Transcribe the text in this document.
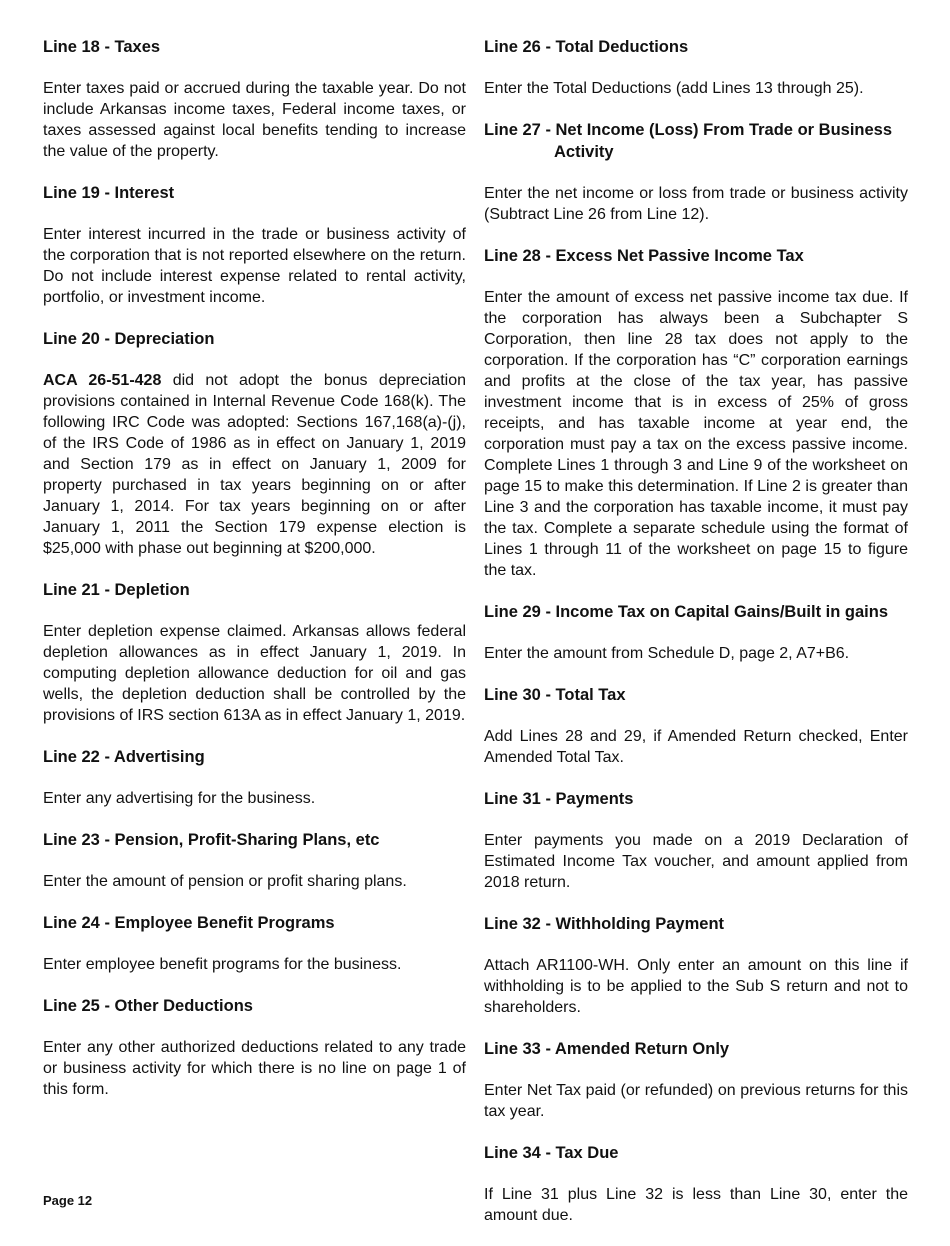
Line 18 - Taxes

Enter taxes paid or accrued during the taxable year. Do not include Arkansas income taxes, Federal income taxes, or taxes assessed against local benefits tending to increase the value of the property.

Line 19 - Interest

Enter interest incurred in the trade or business activity of the corporation that is not reported elsewhere on the return. Do not include interest expense related to rental activity, portfolio, or investment income.

Line 20 - Depreciation

ACA 26-51-428 did not adopt the bonus depreciation provisions contained in Internal Revenue Code 168(k). The following IRC Code was adopted: Sections 167,168(a)-(j), of the IRS Code of 1986 as in effect on January 1, 2019 and Section 179 as in effect on January 1, 2009 for property purchased in tax years beginning on or after January 1, 2014. For tax years beginning on or after January 1, 2011 the Section 179 expense election is $25,000 with phase out beginning at $200,000.

Line 21 - Depletion

Enter depletion expense claimed. Arkansas allows federal depletion allowances as in effect January 1, 2019. In computing depletion allowance deduction for oil and gas wells, the depletion deduction shall be controlled by the provisions of IRS section 613A as in effect January 1, 2019.

Line 22 - Advertising

Enter any advertising for the business.

Line 23 - Pension, Profit-Sharing Plans, etc

Enter the amount of pension or profit sharing plans.

Line 24 - Employee Benefit Programs

Enter employee benefit programs for the business.

Line 25 - Other Deductions

Enter any other authorized deductions related to any trade or business activity for which there is no line on page 1 of this form.

Line 26 - Total Deductions

Enter the Total Deductions (add Lines 13 through 25).

Line 27 - Net Income (Loss) From Trade or Business Activity

Enter the net income or loss from trade or business activity (Subtract Line 26 from Line 12).

Line 28 - Excess Net Passive Income Tax

Enter the amount of excess net passive income tax due. If the corporation has always been a Subchapter S Corporation, then line 28 tax does not apply to the corporation. If the corporation has “C” corporation earnings and profits at the close of the tax year, has passive investment income that is in excess of 25% of gross receipts, and has taxable income at year end, the corporation must pay a tax on the excess passive income. Complete Lines 1 through 3 and Line 9 of the worksheet on page 15 to make this determination. If Line 2 is greater than Line 3 and the corporation has taxable income, it must pay the tax. Complete a separate schedule using the format of Lines 1 through 11 of the worksheet on page 15 to figure the tax.

Line 29 - Income Tax on Capital Gains/Built in gains

Enter the amount from Schedule D, page 2, A7+B6.

Line 30 - Total Tax

Add Lines 28 and 29, if Amended Return checked, Enter Amended Total Tax.

Line 31 - Payments

Enter payments you made on a 2019 Declaration of Estimated Income Tax voucher, and amount applied from 2018 return.

Line 32 - Withholding Payment

Attach AR1100-WH. Only enter an amount on this line if withholding is to be applied to the Sub S return and not to shareholders.

Line 33 - Amended Return Only

Enter Net Tax paid (or refunded) on previous returns for this tax year.

Line 34 - Tax Due

If Line 31 plus Line 32 is less than Line 30, enter the amount due.

Page 12
